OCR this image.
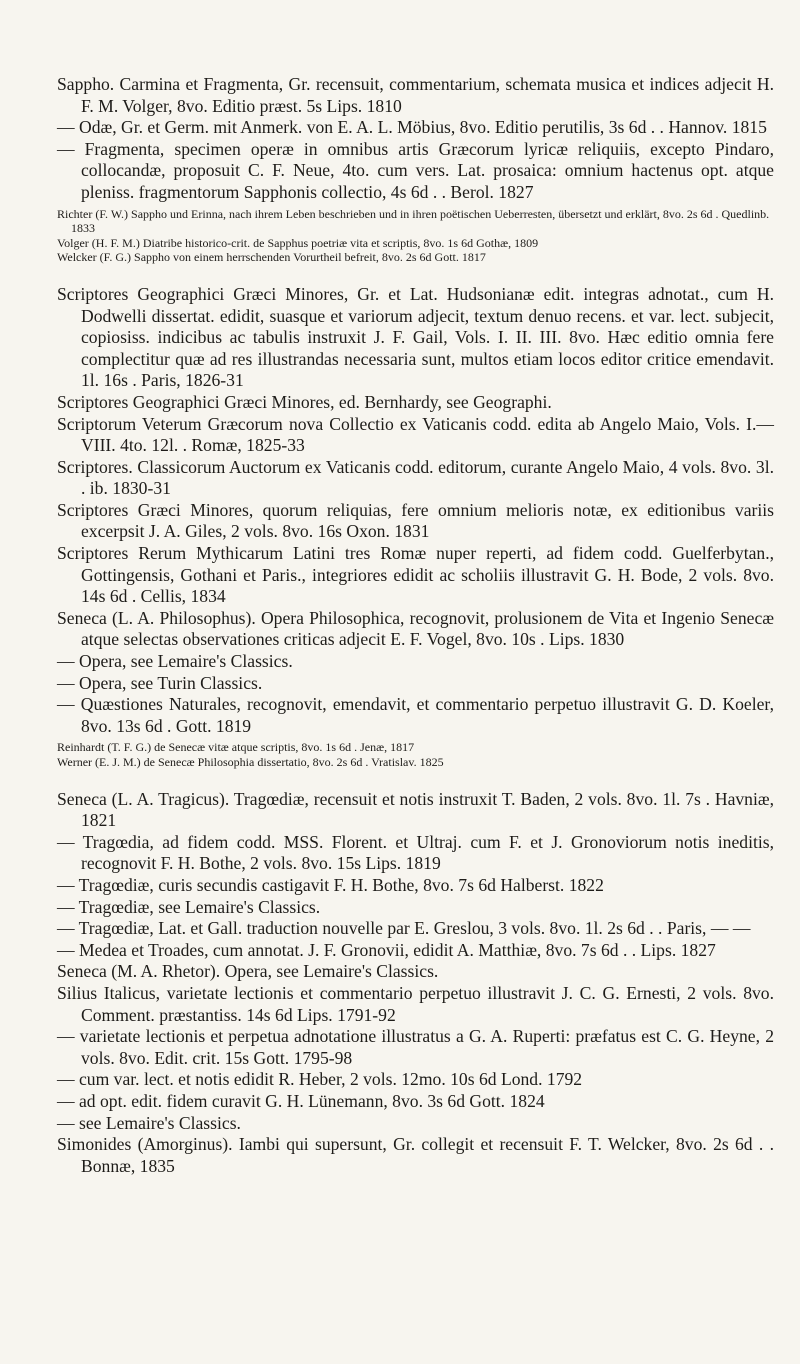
Sappho. Carmina et Fragmenta, Gr. recensuit, commentarium, schemata musica et indices adjecit H. F. M. Volger, 8vo. Editio præst. 5s Lips. 1810

— Odæ, Gr. et Germ. mit Anmerk. von E. A. L. Möbius, 8vo. Editio perutilis, 3s 6d . . Hannov. 1815

— Fragmenta, specimen operæ in omnibus artis Græcorum lyricæ reliquiis, excepto Pindaro, collocandæ, proposuit C. F. Neue, 4to. cum vers. Lat. prosaica: omnium hactenus opt. atque pleniss. fragmentorum Sapphonis collectio, 4s 6d . . Berol. 1827

Richter (F. W.) Sappho und Erinna, nach ihrem Leben beschrieben und in ihren poëtischen Ueberresten, übersetzt und erklärt, 8vo. 2s 6d . Quedlinb. 1833

Volger (H. F. M.) Diatribe historico-crit. de Sapphus poetriæ vita et scriptis, 8vo. 1s 6d Gothæ, 1809

Welcker (F. G.) Sappho von einem herrschenden Vorurtheil befreit, 8vo. 2s 6d Gott. 1817

Scriptores Geographici Græci Minores, Gr. et Lat. Hudsonianæ edit. integras adnotat., cum H. Dodwelli dissertat. edidit, suasque et variorum adjecit, textum denuo recens. et var. lect. subjecit, copiosiss. indicibus ac tabulis instruxit J. F. Gail, Vols. I. II. III. 8vo. Hæc editio omnia fere complectitur quæ ad res illustrandas necessaria sunt, multos etiam locos editor critice emendavit. 1l. 16s . Paris, 1826-31

Scriptores Geographici Græci Minores, ed. Bernhardy, see Geographi.

Scriptorum Veterum Græcorum nova Collectio ex Vaticanis codd. edita ab Angelo Maio, Vols. I.—VIII. 4to. 12l. . Romæ, 1825-33

Scriptores. Classicorum Auctorum ex Vaticanis codd. editorum, curante Angelo Maio, 4 vols. 8vo. 3l. . ib. 1830-31

Scriptores Græci Minores, quorum reliquias, fere omnium melioris notæ, ex editionibus variis excerpsit J. A. Giles, 2 vols. 8vo. 16s Oxon. 1831

Scriptores Rerum Mythicarum Latini tres Romæ nuper reperti, ad fidem codd. Guelferbytan., Gottingensis, Gothani et Paris., integriores edidit ac scholiis illustravit G. H. Bode, 2 vols. 8vo. 14s 6d . Cellis, 1834

Seneca (L. A. Philosophus). Opera Philosophica, recognovit, prolusionem de Vita et Ingenio Senecæ atque selectas observationes criticas adjecit E. F. Vogel, 8vo. 10s . Lips. 1830

— Opera, see Lemaire's Classics.

— Opera, see Turin Classics.

— Quæstiones Naturales, recognovit, emendavit, et commentario perpetuo illustravit G. D. Koeler, 8vo. 13s 6d . Gott. 1819

Reinhardt (T. F. G.) de Senecæ vitæ atque scriptis, 8vo. 1s 6d . Jenæ, 1817

Werner (E. J. M.) de Senecæ Philosophia dissertatio, 8vo. 2s 6d . Vratislav. 1825

Seneca (L. A. Tragicus). Tragœdiæ, recensuit et notis instruxit T. Baden, 2 vols. 8vo. 1l. 7s . Havniæ, 1821

— Tragœdia, ad fidem codd. MSS. Florent. et Ultraj. cum F. et J. Gronoviorum notis ineditis, recognovit F. H. Bothe, 2 vols. 8vo. 15s Lips. 1819

— Tragœdiæ, curis secundis castigavit F. H. Bothe, 8vo. 7s 6d Halberst. 1822

— Tragœdiæ, see Lemaire's Classics.

— Tragœdiæ, Lat. et Gall. traduction nouvelle par E. Greslou, 3 vols. 8vo. 1l. 2s 6d . . Paris, — —

— Medea et Troades, cum annotat. J. F. Gronovii, edidit A. Matthiæ, 8vo. 7s 6d . . Lips. 1827

Seneca (M. A. Rhetor). Opera, see Lemaire's Classics.

Silius Italicus, varietate lectionis et commentario perpetuo illustravit J. C. G. Ernesti, 2 vols. 8vo. Comment. præstantiss. 14s 6d Lips. 1791-92

— varietate lectionis et perpetua adnotatione illustratus a G. A. Ruperti: præfatus est C. G. Heyne, 2 vols. 8vo. Edit. crit. 15s Gott. 1795-98

— cum var. lect. et notis edidit R. Heber, 2 vols. 12mo. 10s 6d Lond. 1792

— ad opt. edit. fidem curavit G. H. Lünemann, 8vo. 3s 6d Gott. 1824

— see Lemaire's Classics.

Simonides (Amorginus). Iambi qui supersunt, Gr. collegit et recensuit F. T. Welcker, 8vo. 2s 6d . . Bonnæ, 1835
